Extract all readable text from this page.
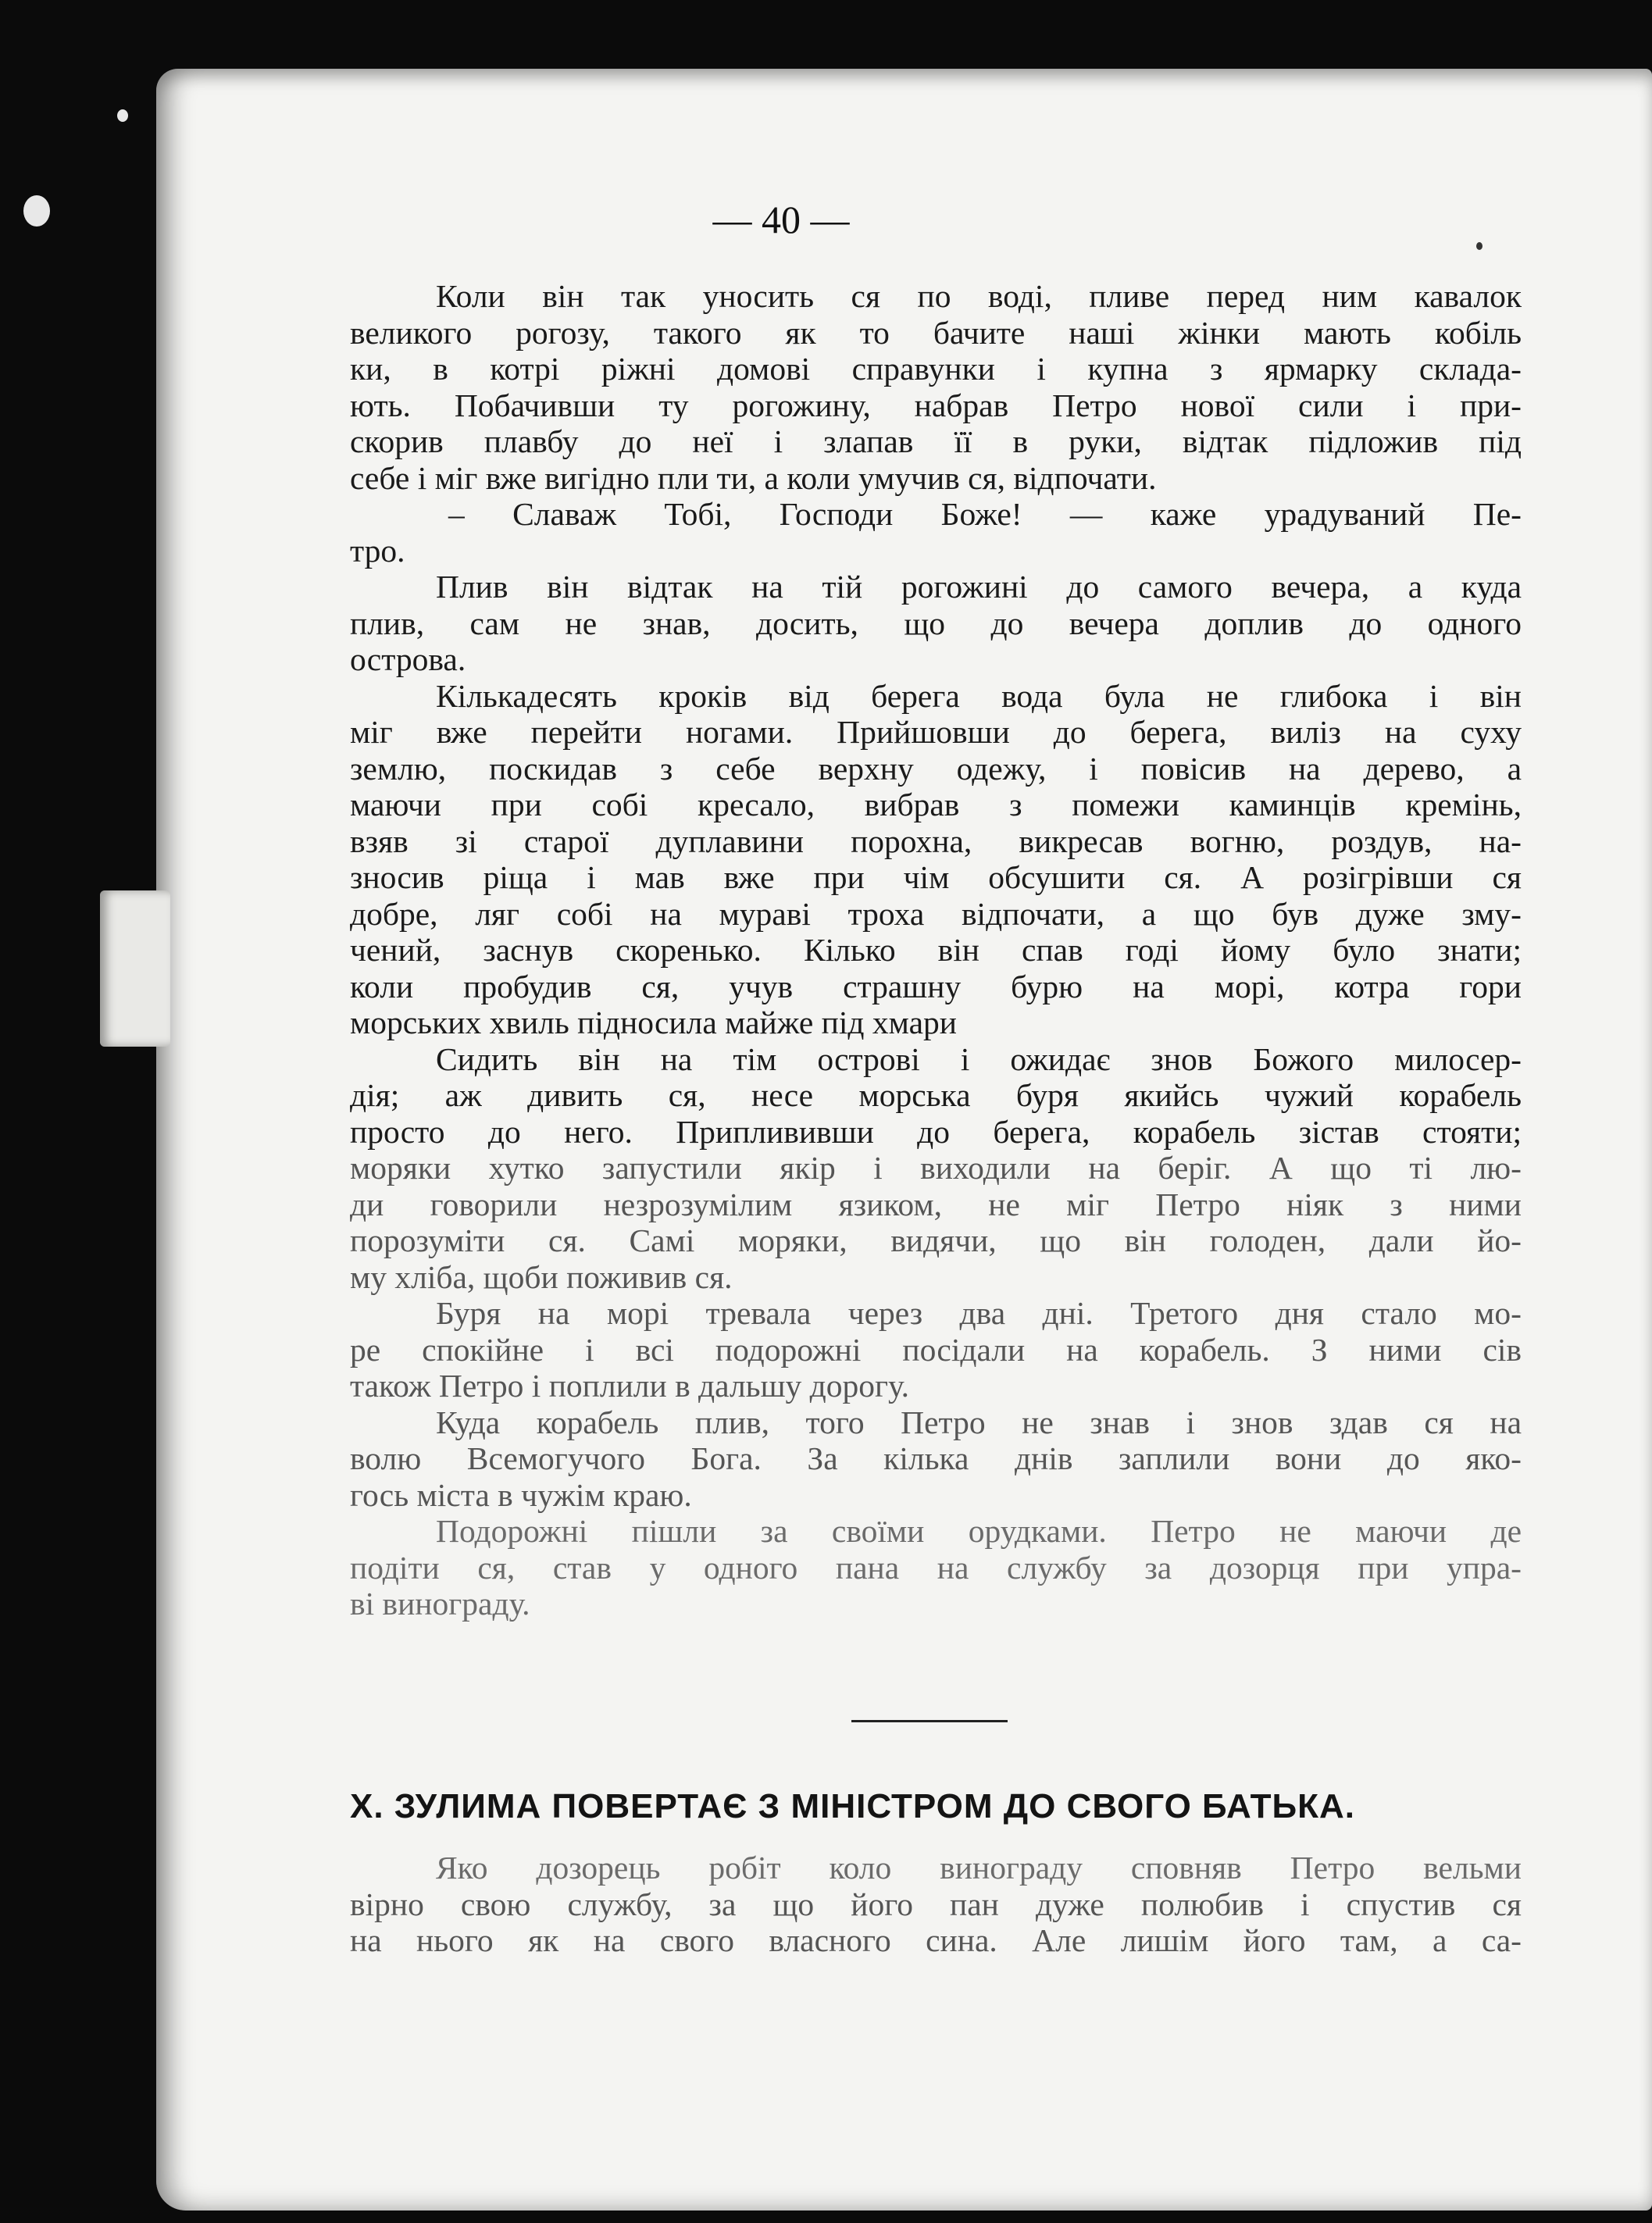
— 40 —
Коли він так уносить ся по воді, пливе перед ним кавалок
великого рогозу, такого як то бачите наші жінки мають кобіль
ки, в котрі ріжні домові справунки і купна з ярмарку склада-
ють. Побачивши ту рогожину, набрав Петро нової сили і при-
скорив плавбу до неї і злапав її в руки, відтак підложив під
себе і міг вже вигідно пли ти, а коли умучив ся, відпочати.
– Славаж Тобі, Господи Боже! — каже урадуваний Пе-
тро.
Плив він відтак на тій рогожині до самого вечера, а куда
плив, сам не знав, досить, що до вечера доплив до одного
острова.
Кількадесять кроків від берега вода була не глибока і він
міг вже перейти ногами. Прийшовши до берега, виліз на суху
землю, поскидав з себе верхну одежу, і повісив на дерево, а
маючи при собі кресало, вибрав з помежи каминців кремінь,
взяв зі старої дуплавини порохна, викресав вогню, роздув, на-
зносив ріща і мав вже при чім обсушити ся. А розігрівши ся
добре, ляг собі на мураві троха відпочати, а що був дуже зму-
чений, заснув скоренько. Кілько він спав годі йому було знати;
коли пробудив ся, учув страшну бурю на морі, котра гори
морських хвиль підносила майже під хмари
Сидить він на тім острові і ожидає знов Божого милосер-
дія; аж дивить ся, несе морська буря якийсь чужий корабель
просто до него. Приплививши до берега, корабель зістав стояти;
моряки хутко запустили якір і виходили на беріг. А що ті лю-
ди говорили незрозумілим язиком, не міг Петро ніяк з ними
порозуміти ся. Самі моряки, видячи, що він голоден, дали йо-
му хліба, щоби поживив ся.
Буря на морі тревала через два дні. Третого дня стало мо-
ре спокійне і всі подорожні посідали на корабель. З ними сів
також Петро і поплили в дальшу дорогу.
Куда корабель плив, того Петро не знав і знов здав ся на
волю Всемогучого Бога. За кілька днів заплили вони до яко-
гось міста в чужім краю.
Подорожні пішли за своїми орудками. Петро не маючи де
подіти ся, став у одного пана на службу за дозорця при упра-
ві винограду.
X. ЗУЛИМА ПОВЕРТАЄ З МІНІСТРОМ ДО СВОГО БАТЬКА.
Яко дозорець робіт коло винограду сповняв Петро вельми
вірно свою службу, за що його пан дуже полюбив і спустив ся
на нього як на свого власного сина. Але лишім його там, а са-
